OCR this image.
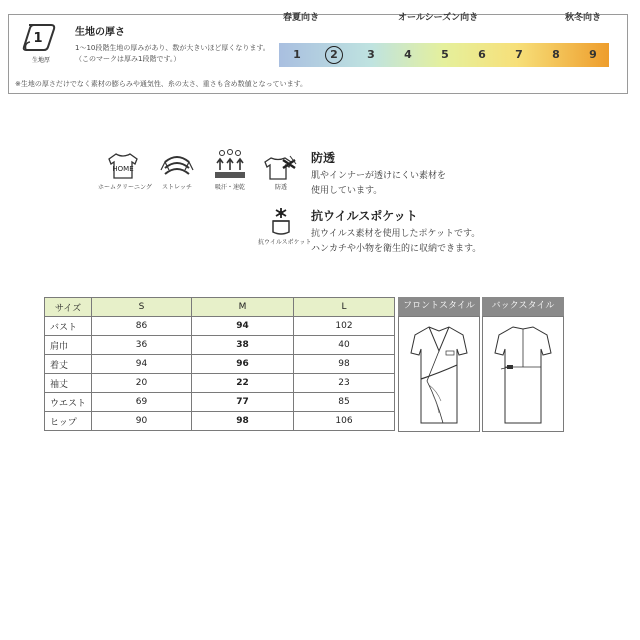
1
生地厚
生地の厚さ
1〜10段階生地の厚みがあり、数が大きいほど厚くなります。
（このマークは厚み1段階です。）
※生地の厚さだけでなく素材の膨らみや通気性、糸の太さ、重さも含め数値となっています。
春夏向き	オールシーズン向き	秋冬向き
1	2	3	4	5	6	7	8	9
HOME
ホームクリーニング	ストレッチ	吸汗・速乾	防透
防透
肌やインナーが透けにくい素材を
使用しています。
抗ウイルスポケット
抗ウイルスポケット
抗ウイルス素材を使用したポケットです。
ハンカチや小物を衛生的に収納できます。
サイズ	S	M	L
バスト	86	94	102
肩巾	36	38	40
着丈	94	96	98
袖丈	20	22	23
ウエスト	69	77	85
ヒップ	90	98	106
フロントスタイル	バックスタイル
